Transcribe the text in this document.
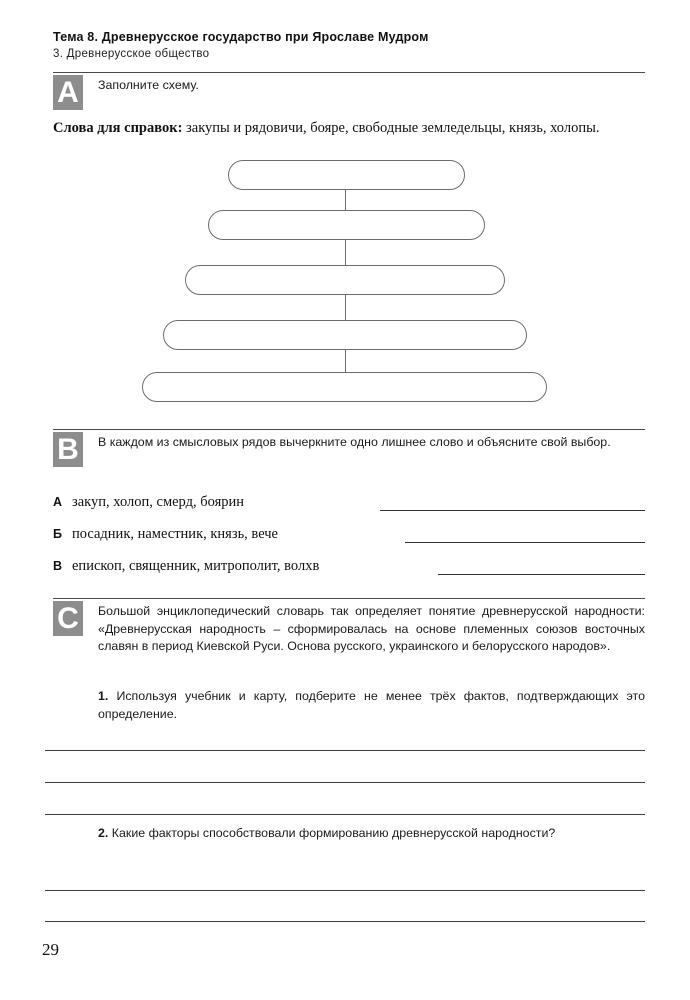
Тема 8. Древнерусское государство при Ярославе Мудром

3. Древнерусское общество

A	Заполните схему.
Слова для справок: закупы и рядовичи, бояре, свободные земледельцы, князь, холопы.
B	В каждом из смысловых рядов вычеркните одно лишнее слово и объясните свой выбор.
А закуп, холоп, смерд, боярин
Б посадник, наместник, князь, вече
В епископ, священник, митрополит, волхв
C	Большой энциклопедический словарь так определяет понятие древнерусской народности: «Древнерусская народность – сформировалась на основе племенных союзов восточных славян в период Киевской Руси. Основа русского, украинского и белорусского народов».
1. Используя учебник и карту, подберите не менее трёх фактов, подтверждающих это определение.
2. Какие факторы способствовали формированию древнерусской народности?
29
